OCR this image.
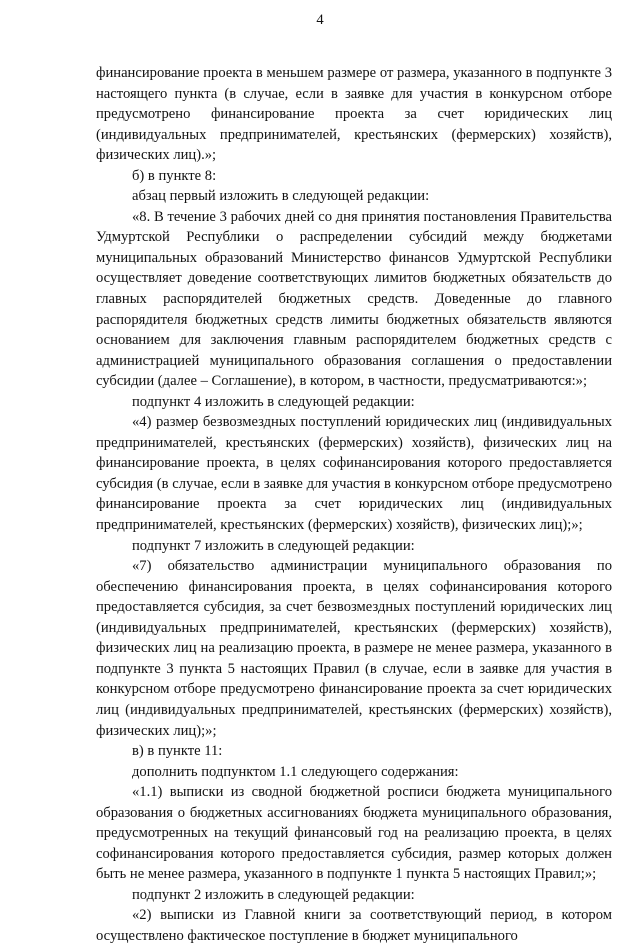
4

финансирование проекта в меньшем размере от размера, указанного в подпункте 3 настоящего пункта (в случае, если в заявке для участия в конкурсном отборе предусмотрено финансирование проекта за счет юридических лиц (индивидуальных предпринимателей, крестьянских (фермерских) хозяйств), физических лиц).»;

б) в пункте 8:

абзац первый изложить в следующей редакции:

«8. В течение 3 рабочих дней со дня принятия постановления Правительства Удмуртской Республики о распределении субсидий между бюджетами муниципальных образований Министерство финансов Удмуртской Республики осуществляет доведение соответствующих лимитов бюджетных обязательств до главных распорядителей бюджетных средств. Доведенные до главного распорядителя бюджетных средств лимиты бюджетных обязательств являются основанием для заключения главным распорядителем бюджетных средств с администрацией муниципального образования соглашения о предоставлении субсидии (далее – Соглашение), в котором, в частности, предусматриваются:»;

подпункт 4 изложить в следующей редакции:

«4) размер безвозмездных поступлений юридических лиц (индивидуальных предпринимателей, крестьянских (фермерских) хозяйств), физических лиц на финансирование проекта, в целях софинансирования которого предоставляется субсидия (в случае, если в заявке для участия в конкурсном отборе предусмотрено финансирование проекта за счет юридических лиц (индивидуальных предпринимателей, крестьянских (фермерских) хозяйств), физических лиц);»;

подпункт 7 изложить в следующей редакции:

«7) обязательство администрации муниципального образования по обеспечению финансирования проекта, в целях софинансирования которого предоставляется субсидия, за счет безвозмездных поступлений юридических лиц (индивидуальных предпринимателей, крестьянских (фермерских) хозяйств), физических лиц на реализацию проекта, в размере не менее размера, указанного в подпункте 3 пункта 5 настоящих Правил (в случае, если в заявке для участия в конкурсном отборе предусмотрено финансирование проекта за счет юридических лиц (индивидуальных предпринимателей, крестьянских (фермерских) хозяйств), физических лиц);»;

в) в пункте 11:

дополнить подпунктом 1.1 следующего содержания:

«1.1) выписки из сводной бюджетной росписи бюджета муниципального образования о бюджетных ассигнованиях бюджета муниципального образования, предусмотренных на текущий финансовый год на реализацию проекта, в целях софинансирования которого предоставляется субсидия, размер которых должен быть не менее размера, указанного в подпункте 1 пункта 5 настоящих Правил;»;

подпункт 2 изложить в следующей редакции:

«2) выписки из Главной книги за соответствующий период, в котором осуществлено фактическое поступление в бюджет муниципального
